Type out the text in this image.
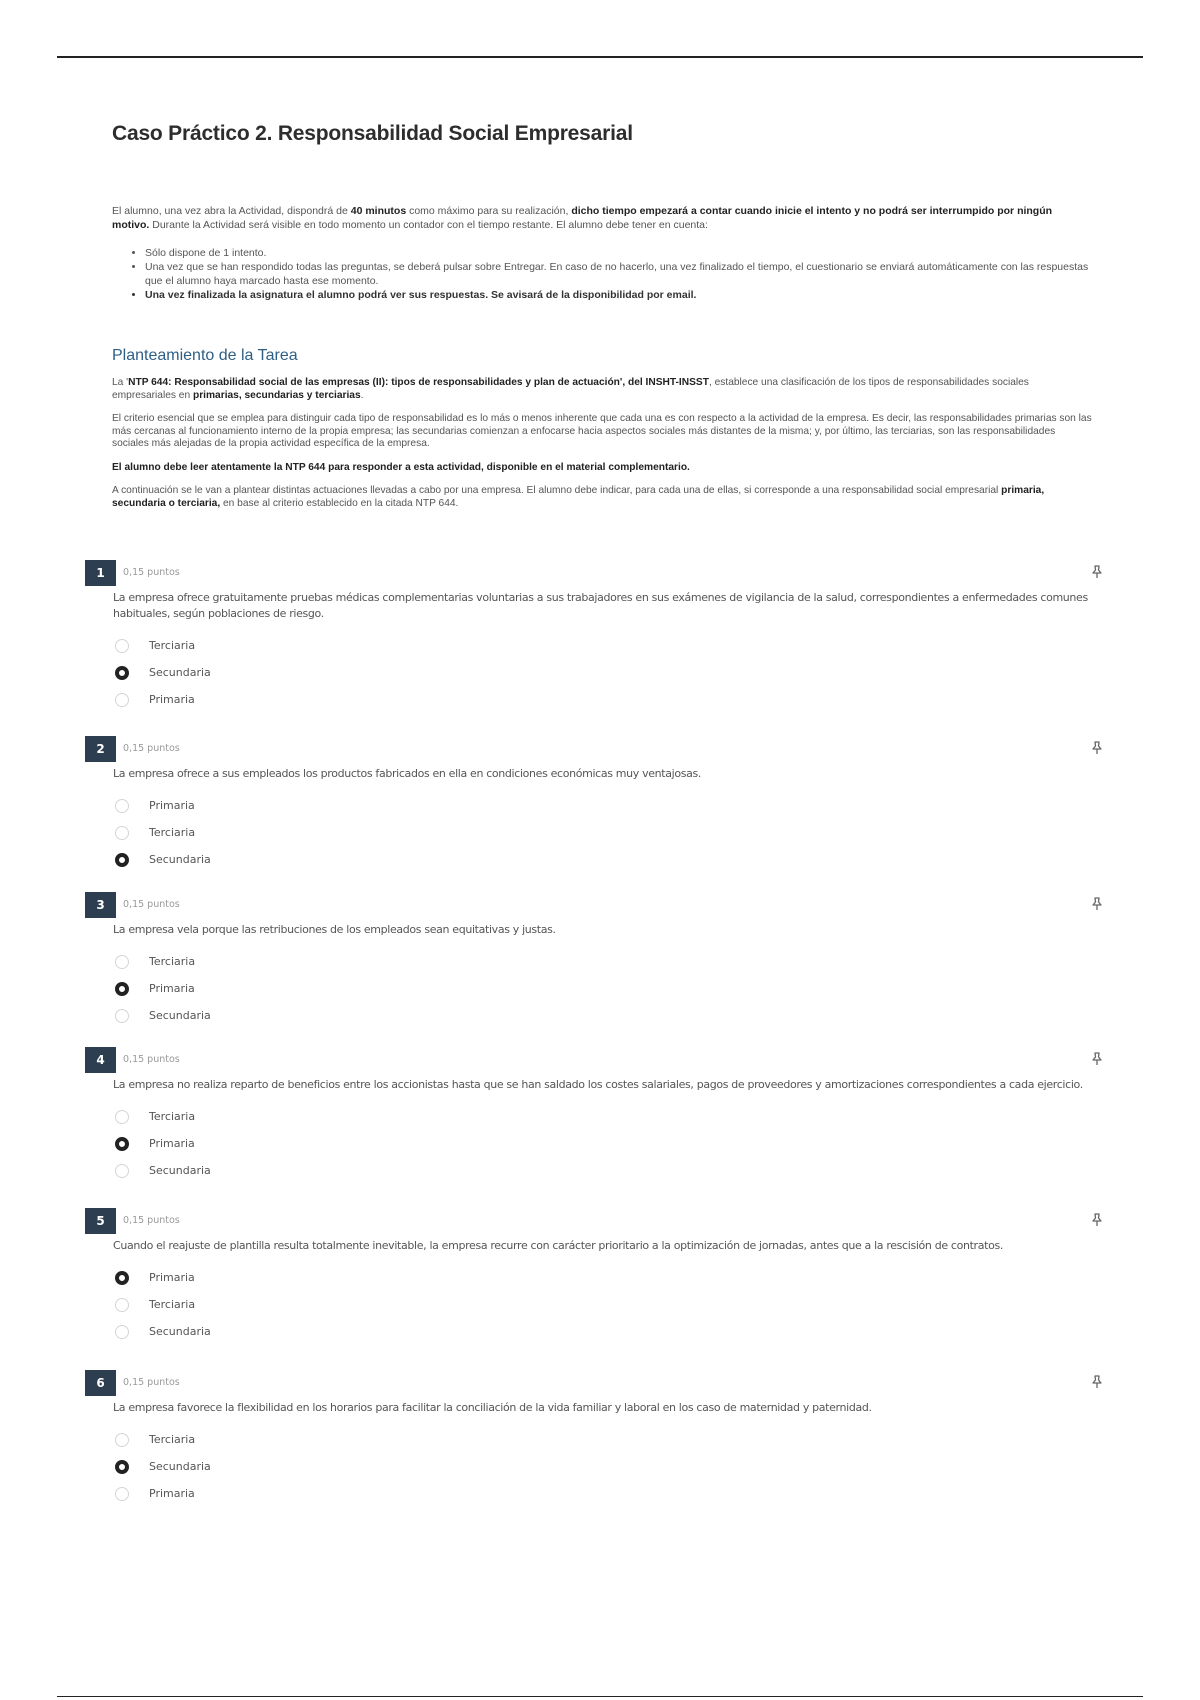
Caso Práctico 2. Responsabilidad Social Empresarial

El alumno, una vez abra la Actividad, dispondrá de 40 minutos como máximo para su realización, dicho tiempo empezará a contar cuando inicie el intento y no podrá ser interrumpido por ningún motivo. Durante la Actividad será visible en todo momento un contador con el tiempo restante. El alumno debe tener en cuenta:

• Sólo dispone de 1 intento.
• Una vez que se han respondido todas las preguntas, se deberá pulsar sobre Entregar. En caso de no hacerlo, una vez finalizado el tiempo, el cuestionario se enviará automáticamente con las respuestas que el alumno haya marcado hasta ese momento.
• Una vez finalizada la asignatura el alumno podrá ver sus respuestas. Se avisará de la disponibilidad por email.
Planteamiento de la Tarea

La 'NTP 644: Responsabilidad social de las empresas (II): tipos de responsabilidades y plan de actuación', del INSHT-INSST, establece una clasificación de los tipos de responsabilidades sociales empresariales en primarias, secundarias y terciarias.

El criterio esencial que se emplea para distinguir cada tipo de responsabilidad es lo más o menos inherente que cada una es con respecto a la actividad de la empresa. Es decir, las responsabilidades primarias son las más cercanas al funcionamiento interno de la propia empresa; las secundarias comienzan a enfocarse hacia aspectos sociales más distantes de la misma; y, por último, las terciarias, son las responsabilidades sociales más alejadas de la propia actividad específica de la empresa.

El alumno debe leer atentamente la NTP 644 para responder a esta actividad, disponible en el material complementario.

A continuación se le van a plantear distintas actuaciones llevadas a cabo por una empresa. El alumno debe indicar, para cada una de ellas, si corresponde a una responsabilidad social empresarial primaria, secundaria o terciaria, en base al criterio establecido en la citada NTP 644.

1	0,15 puntos
La empresa ofrece gratuitamente pruebas médicas complementarias voluntarias a sus trabajadores en sus exámenes de vigilancia de la salud, correspondientes a enfermedades comunes habituales, según poblaciones de riesgo.
Terciaria
Secundaria
Primaria
2	0,15 puntos
La empresa ofrece a sus empleados los productos fabricados en ella en condiciones económicas muy ventajosas.
Primaria
Terciaria
Secundaria
3	0,15 puntos
La empresa vela porque las retribuciones de los empleados sean equitativas y justas.
Terciaria
Primaria
Secundaria
4	0,15 puntos
La empresa no realiza reparto de beneficios entre los accionistas hasta que se han saldado los costes salariales, pagos de proveedores y amortizaciones correspondientes a cada ejercicio.
Terciaria
Primaria
Secundaria
5	0,15 puntos
Cuando el reajuste de plantilla resulta totalmente inevitable, la empresa recurre con carácter prioritario a la optimización de jornadas, antes que a la rescisión de contratos.
Primaria
Terciaria
Secundaria
6	0,15 puntos
La empresa favorece la flexibilidad en los horarios para facilitar la conciliación de la vida familiar y laboral en los caso de maternidad y paternidad.
Terciaria
Secundaria
Primaria
